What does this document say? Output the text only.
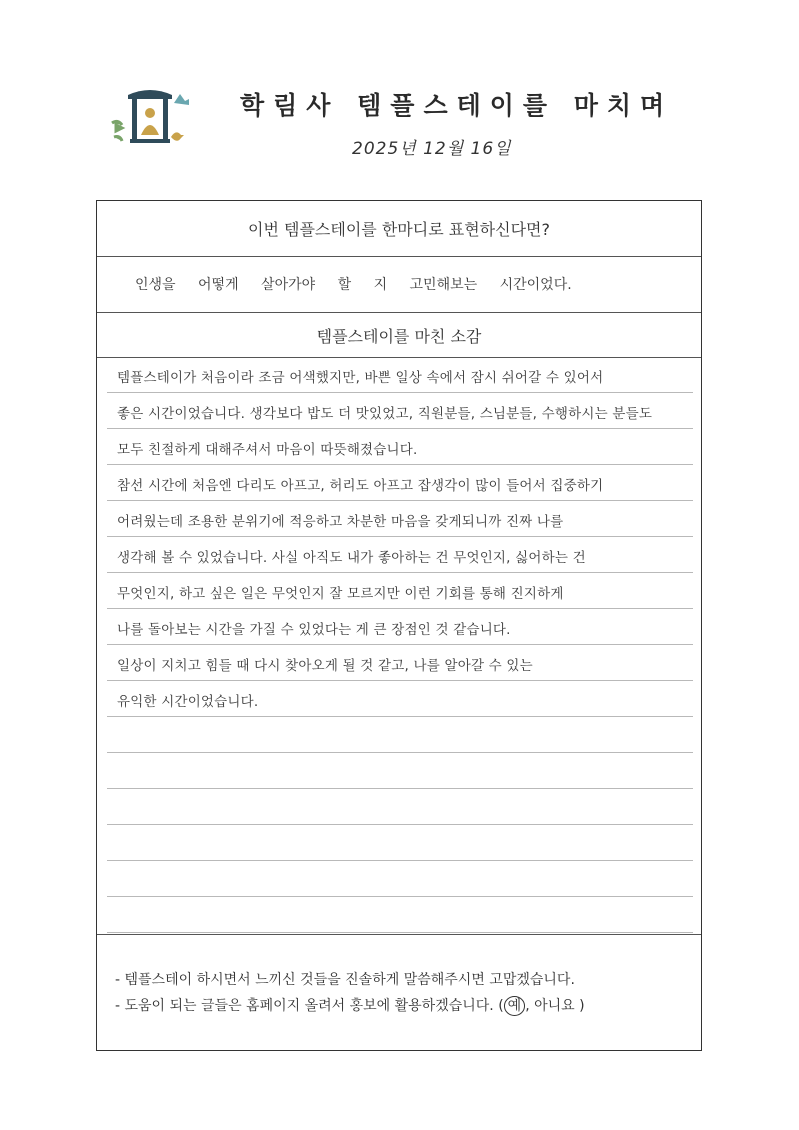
학림사 템플스테이를 마치며
2025년 12월 16일
이번 템플스테이를 한마디로 표현하신다면?
인생을 어떻게 살아가야 할 지 고민해보는 시간이었다.
템플스테이를 마친 소감
템플스테이가 처음이라 조금 어색했지만, 바쁜 일상 속에서 잠시 쉬어갈 수 있어서
좋은 시간이었습니다. 생각보다 밥도 더 맛있었고, 직원분들, 스님분들, 수행하시는 분들도
모두 친절하게 대해주셔서 마음이 따뜻해졌습니다.
참선 시간에 처음엔 다리도 아프고, 허리도 아프고 잡생각이 많이 들어서 집중하기
어려웠는데 조용한 분위기에 적응하고 차분한 마음을 갖게되니까 진짜 나를
생각해 볼 수 있었습니다. 사실 아직도 내가 좋아하는 건 무엇인지, 싫어하는 건
무엇인지, 하고 싶은 일은 무엇인지 잘 모르지만 이런 기회를 통해 진지하게
나를 돌아보는 시간을 가질 수 있었다는 게 큰 장점인 것 같습니다.
일상이 지치고 힘들 때 다시 찾아오게 될 것 같고, 나를 알아갈 수 있는
유익한 시간이었습니다.
- 템플스테이 하시면서 느끼신 것들을 진솔하게 말씀해주시면 고맙겠습니다.
- 도움이 되는 글들은 홈페이지 올려서 홍보에 활용하겠습니다. ( 예 , 아니요 )
